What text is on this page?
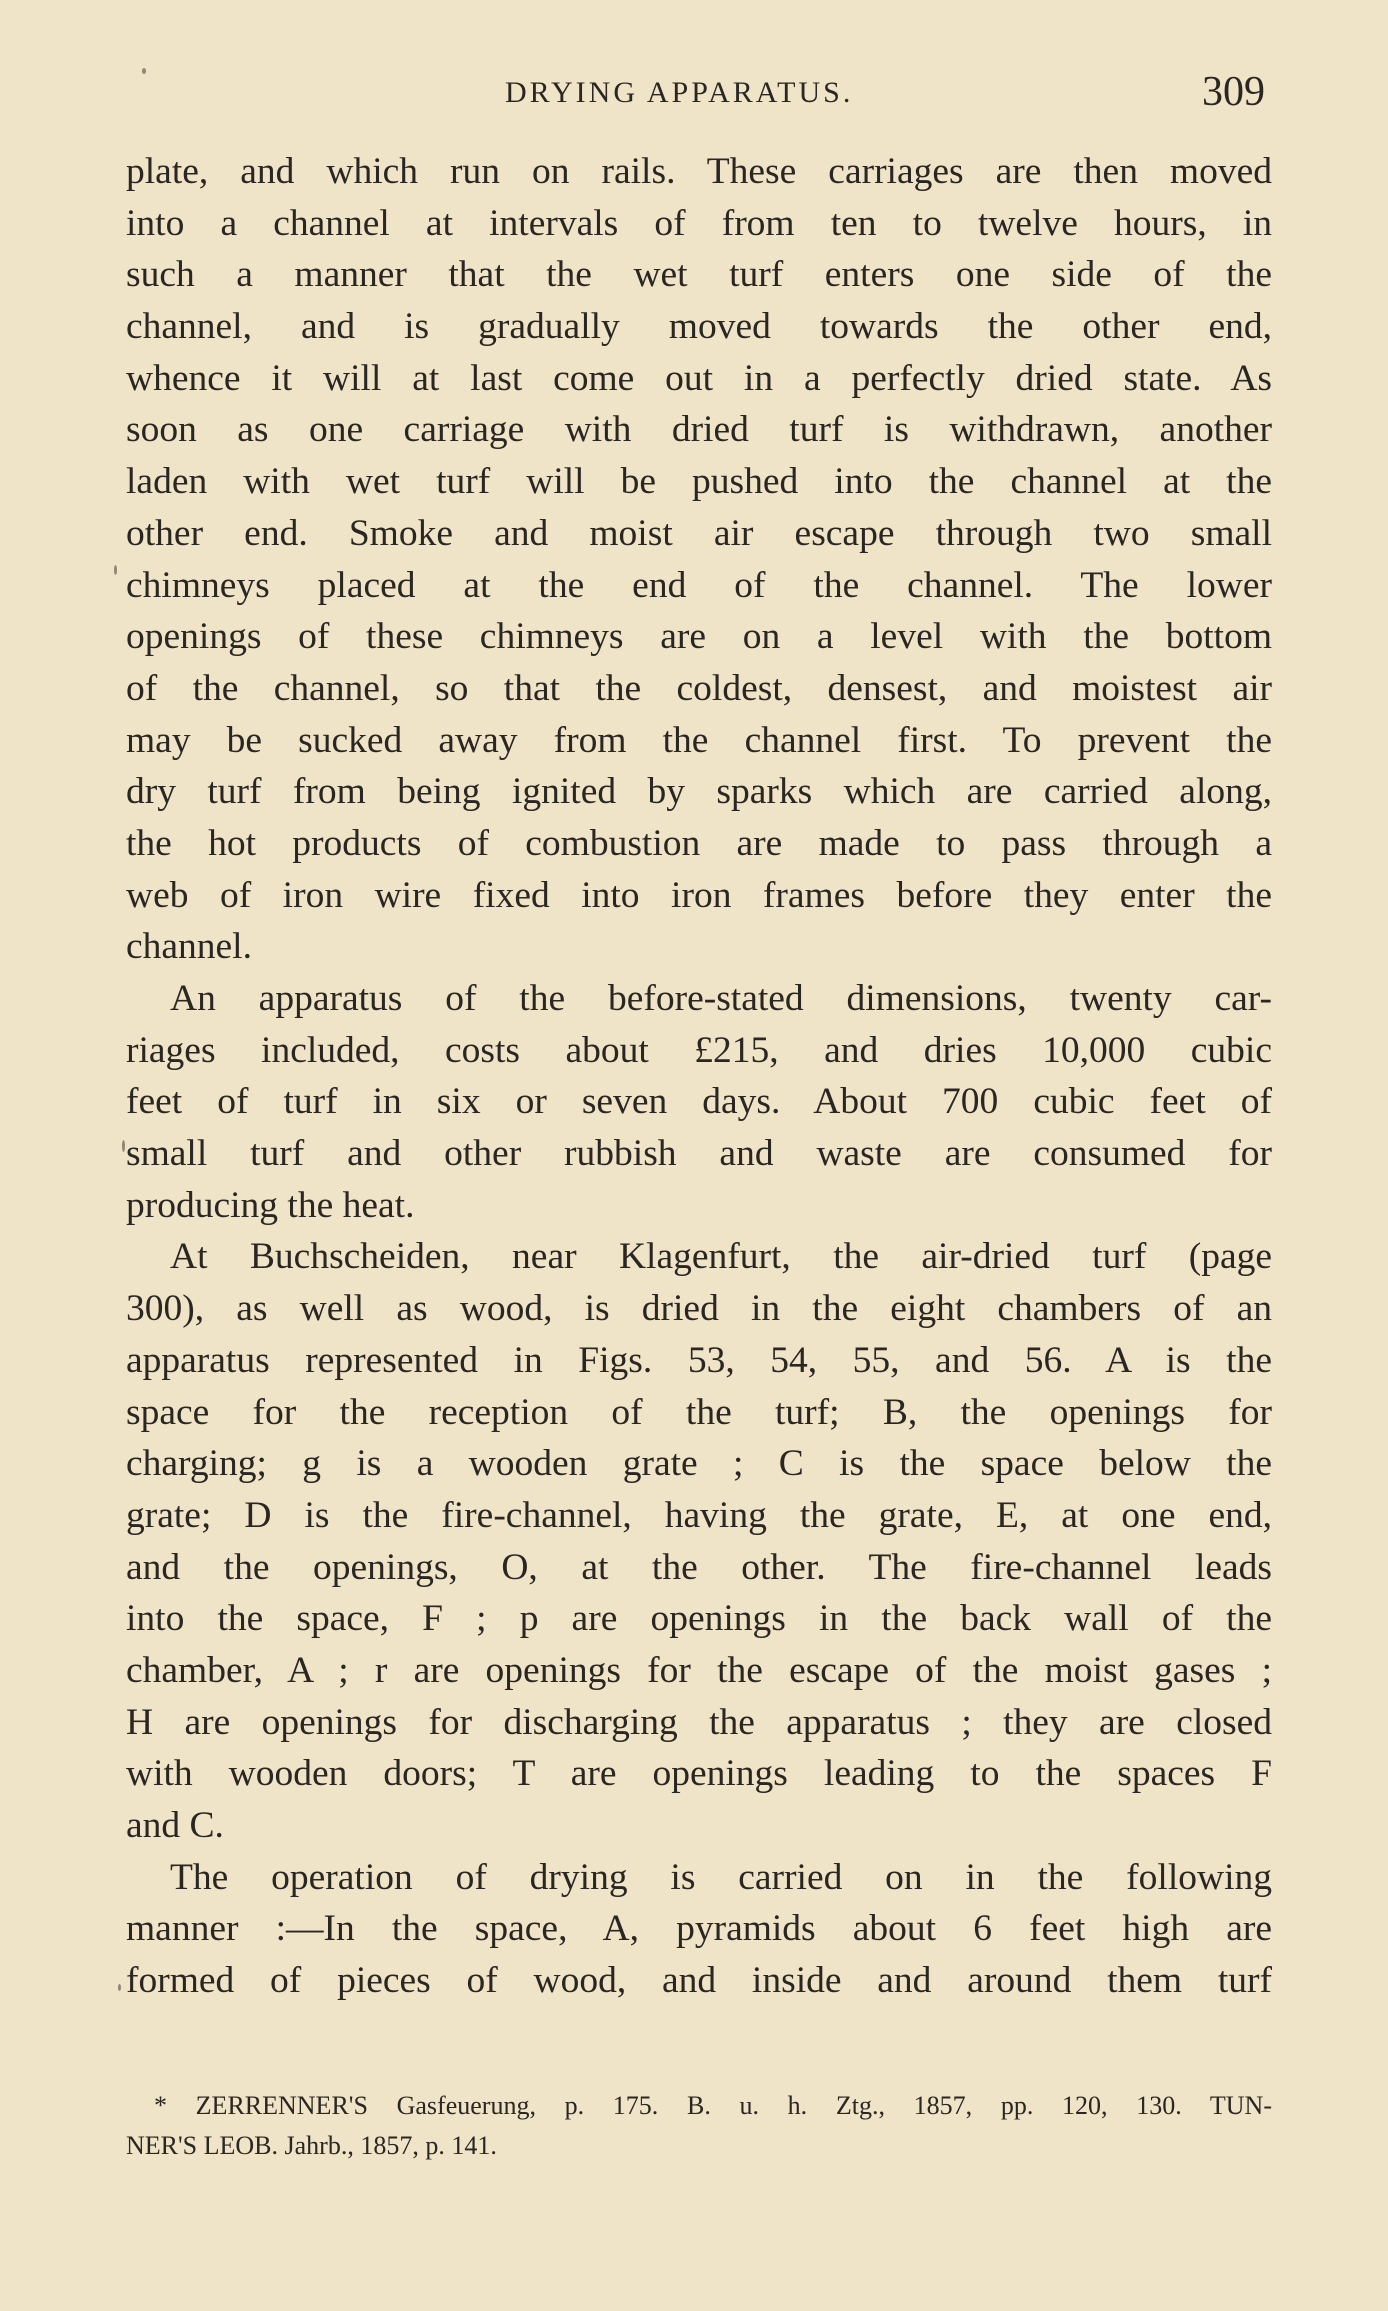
DRYING APPARATUS.	309
plate, and which run on rails. These carriages are then moved
into a channel at intervals of from ten to twelve hours, in
such a manner that the wet turf enters one side of the
channel, and is gradually moved towards the other end,
whence it will at last come out in a perfectly dried state. As
soon as one carriage with dried turf is withdrawn, another
laden with wet turf will be pushed into the channel at the
other end. Smoke and moist air escape through two small
chimneys placed at the end of the channel. The lower
openings of these chimneys are on a level with the bottom
of the channel, so that the coldest, densest, and moistest air
may be sucked away from the channel first. To prevent the
dry turf from being ignited by sparks which are carried along,
the hot products of combustion are made to pass through a
web of iron wire fixed into iron frames before they enter the
channel.
An apparatus of the before-stated dimensions, twenty car-
riages included, costs about £215, and dries 10,000 cubic
feet of turf in six or seven days. About 700 cubic feet of
small turf and other rubbish and waste are consumed for
producing the heat.
At Buchscheiden, near Klagenfurt, the air-dried turf (page
300), as well as wood, is dried in the eight chambers of an
apparatus represented in Figs. 53, 54, 55, and 56. A is the
space for the reception of the turf; B, the openings for
charging; g is a wooden grate ; C is the space below the
grate; D is the fire-channel, having the grate, E, at one end,
and the openings, O, at the other. The fire-channel leads
into the space, F ; p are openings in the back wall of the
chamber, A ; r are openings for the escape of the moist gases ;
H are openings for discharging the apparatus ; they are closed
with wooden doors; T are openings leading to the spaces F
and C.
The operation of drying is carried on in the following
manner :—In the space, A, pyramids about 6 feet high are
formed of pieces of wood, and inside and around them turf
* ZERRENNER'S Gasfeuerung, p. 175. B. u. h. Ztg., 1857, pp. 120, 130. TUN-
NER'S LEOB. Jahrb., 1857, p. 141.
